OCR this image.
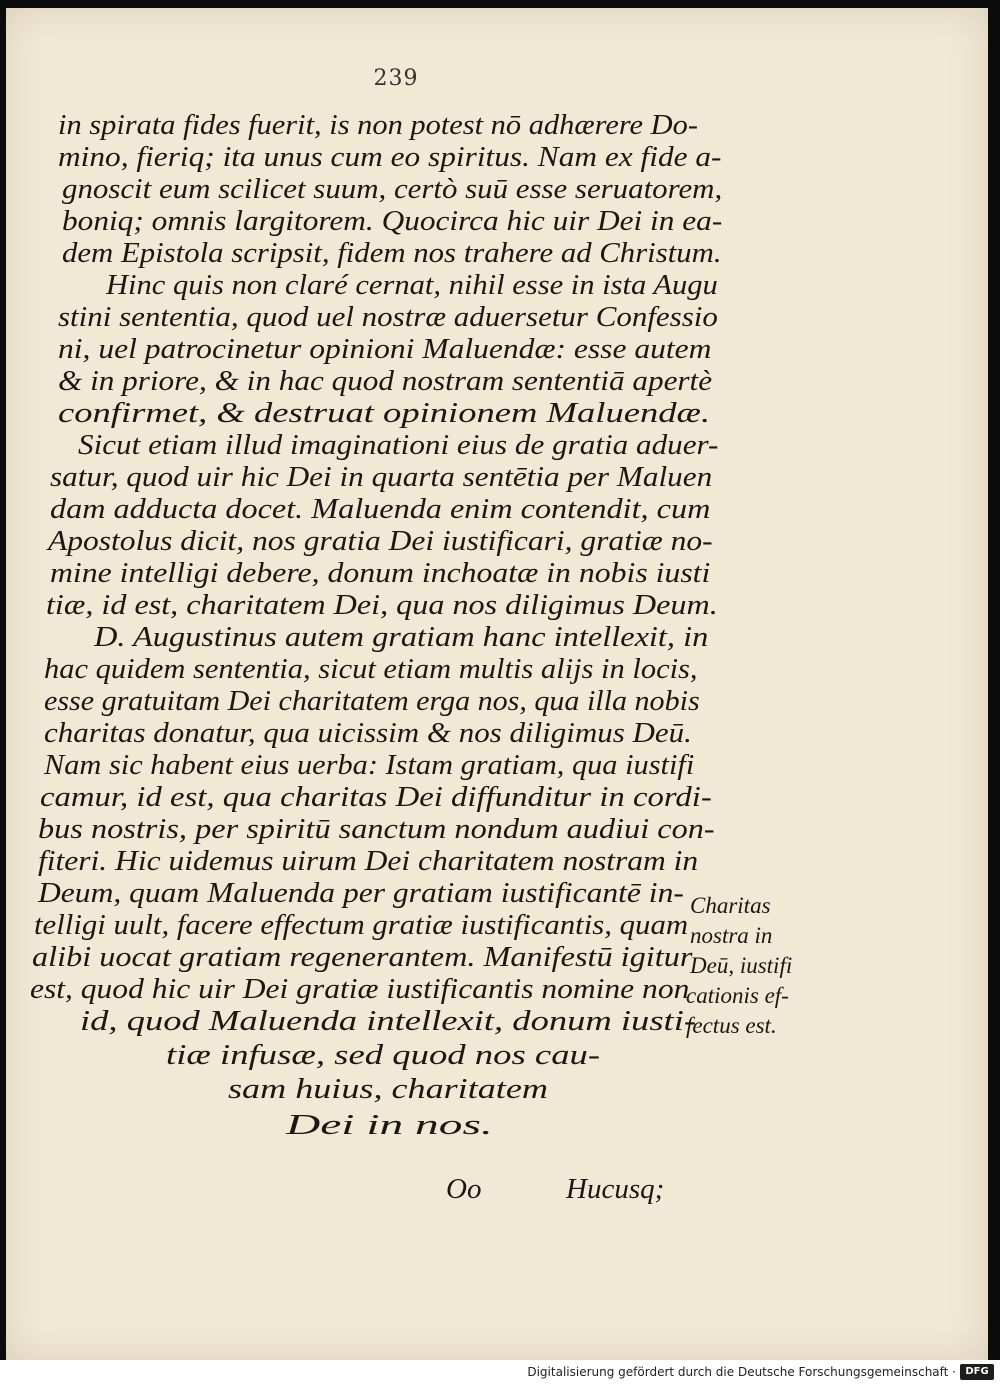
239
in spirata fides fuerit, is non potest nō adhærere Do-
mino, fieriq; ita unus cum eo spiritus. Nam ex fide a-
gnoscit eum scilicet suum, certò suū esse seruatorem,
boniq; omnis largitorem. Quocirca hic uir Dei in ea-
dem Epistola scripsit, fidem nos trahere ad Christum.
Hinc quis non claré cernat, nihil esse in ista Augu
stini sententia, quod uel nostræ aduersetur Confessio
ni, uel patrocinetur opinioni Maluendæ: esse autem
& in priore, & in hac quod nostram sententiā apertè
confirmet, & destruat opinionem Maluendæ.
Sicut etiam illud imaginationi eius de gratia aduer-
satur, quod uir hic Dei in quarta sentētia per Maluen
dam adducta docet. Maluenda enim contendit, cum
Apostolus dicit, nos gratia Dei iustificari, gratiæ no-
mine intelligi debere, donum inchoatæ in nobis iusti
tiæ, id est, charitatem Dei, qua nos diligimus Deum.
D. Augustinus autem gratiam hanc intellexit, in
hac quidem sententia, sicut etiam multis alijs in locis,
esse gratuitam Dei charitatem erga nos, qua illa nobis
charitas donatur, qua uicissim & nos diligimus Deū.
Nam sic habent eius uerba: Istam gratiam, qua iustifi
camur, id est, qua charitas Dei diffunditur in cordi-
bus nostris, per spiritū sanctum nondum audiui con-
fiteri. Hic uidemus uirum Dei charitatem nostram in
Deum, quam Maluenda per gratiam iustificantē in-
telligi uult, facere effectum gratiæ iustificantis, quam
alibi uocat gratiam regenerantem. Manifestū igitur
est, quod hic uir Dei gratiæ iustificantis nomine non
id, quod Maluenda intellexit, donum iusti-
tiæ infusæ, sed quod nos cau-
sam huius, charitatem
Dei in nos.
Charitas
nostra in
Deū, iustifi
cationis ef-
fectus est.
Oo	Hucusq;
Digitalisierung gefördert durch die Deutsche Forschungsgemeinschaft · DFG
